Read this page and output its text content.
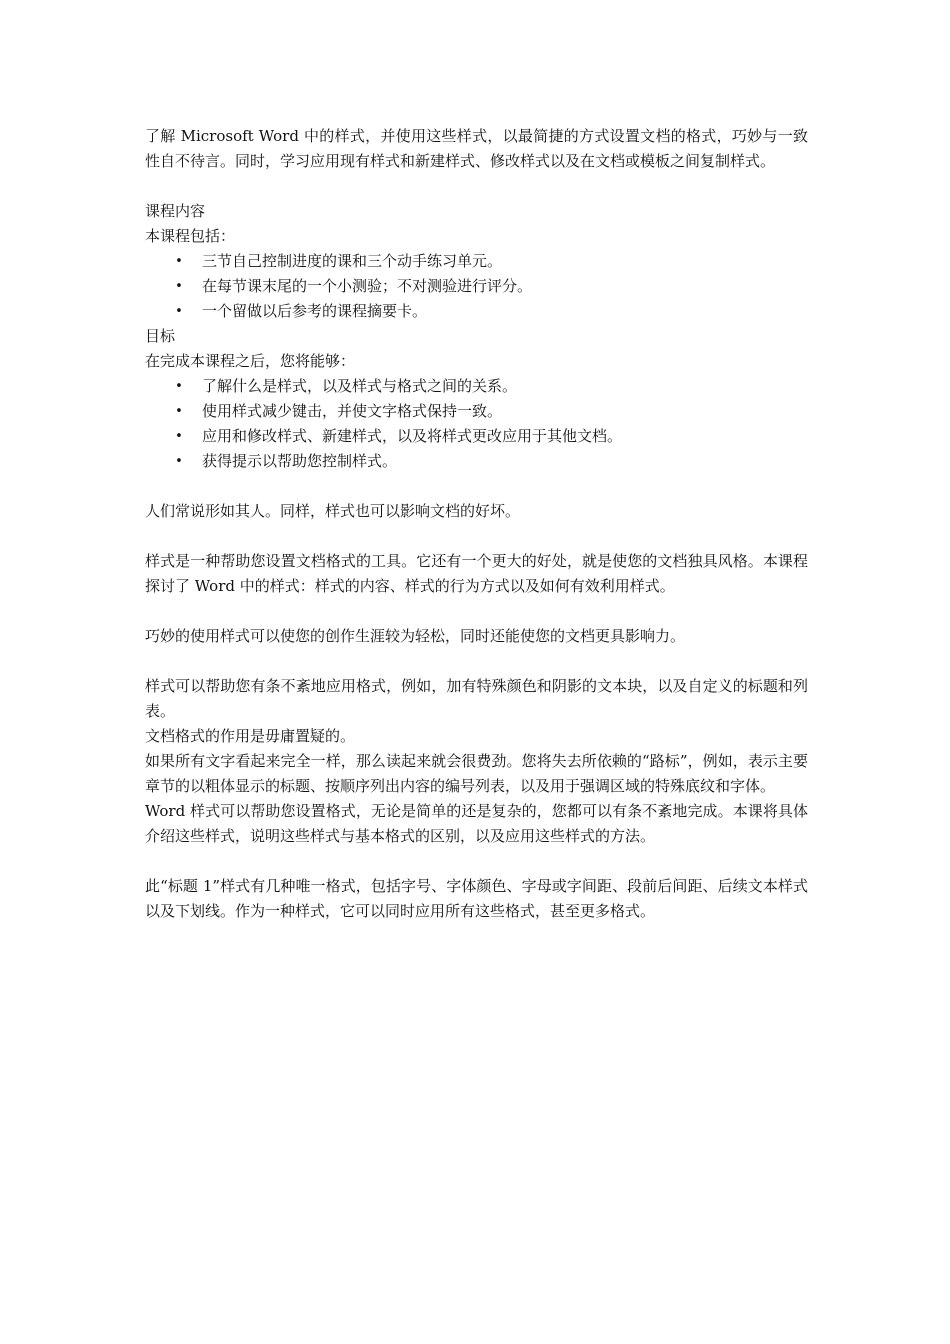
了解 Microsoft Word 中的样式，并使用这些样式，以最简捷的方式设置文档的格式，巧妙与一致性自不待言。同时，学习应用现有样式和新建样式、修改样式以及在文档或模板之间复制样式。

课程内容

本课程包括：

• 三节自己控制进度的课和三个动手练习单元。
• 在每节课末尾的一个小测验；不对测验进行评分。
• 一个留做以后参考的课程摘要卡。

目标

在完成本课程之后，您将能够：

• 了解什么是样式，以及样式与格式之间的关系。
• 使用样式减少键击，并使文字格式保持一致。
• 应用和修改样式、新建样式，以及将样式更改应用于其他文档。
• 获得提示以帮助您控制样式。

人们常说形如其人。同样，样式也可以影响文档的好坏。

样式是一种帮助您设置文档格式的工具。它还有一个更大的好处，就是使您的文档独具风格。本课程探讨了 Word 中的样式：样式的内容、样式的行为方式以及如何有效利用样式。

巧妙的使用样式可以使您的创作生涯较为轻松，同时还能使您的文档更具影响力。

样式可以帮助您有条不紊地应用格式，例如，加有特殊颜色和阴影的文本块，以及自定义的标题和列表。

文档格式的作用是毋庸置疑的。

如果所有文字看起来完全一样，那么读起来就会很费劲。您将失去所依赖的“路标”，例如，表示主要章节的以粗体显示的标题、按顺序列出内容的编号列表，以及用于强调区域的特殊底纹和字体。

Word 样式可以帮助您设置格式，无论是简单的还是复杂的，您都可以有条不紊地完成。本课将具体介绍这些样式，说明这些样式与基本格式的区别，以及应用这些样式的方法。

此“标题 1”样式有几种唯一格式，包括字号、字体颜色、字母或字间距、段前后间距、后续文本样式以及下划线。作为一种样式，它可以同时应用所有这些格式，甚至更多格式。
